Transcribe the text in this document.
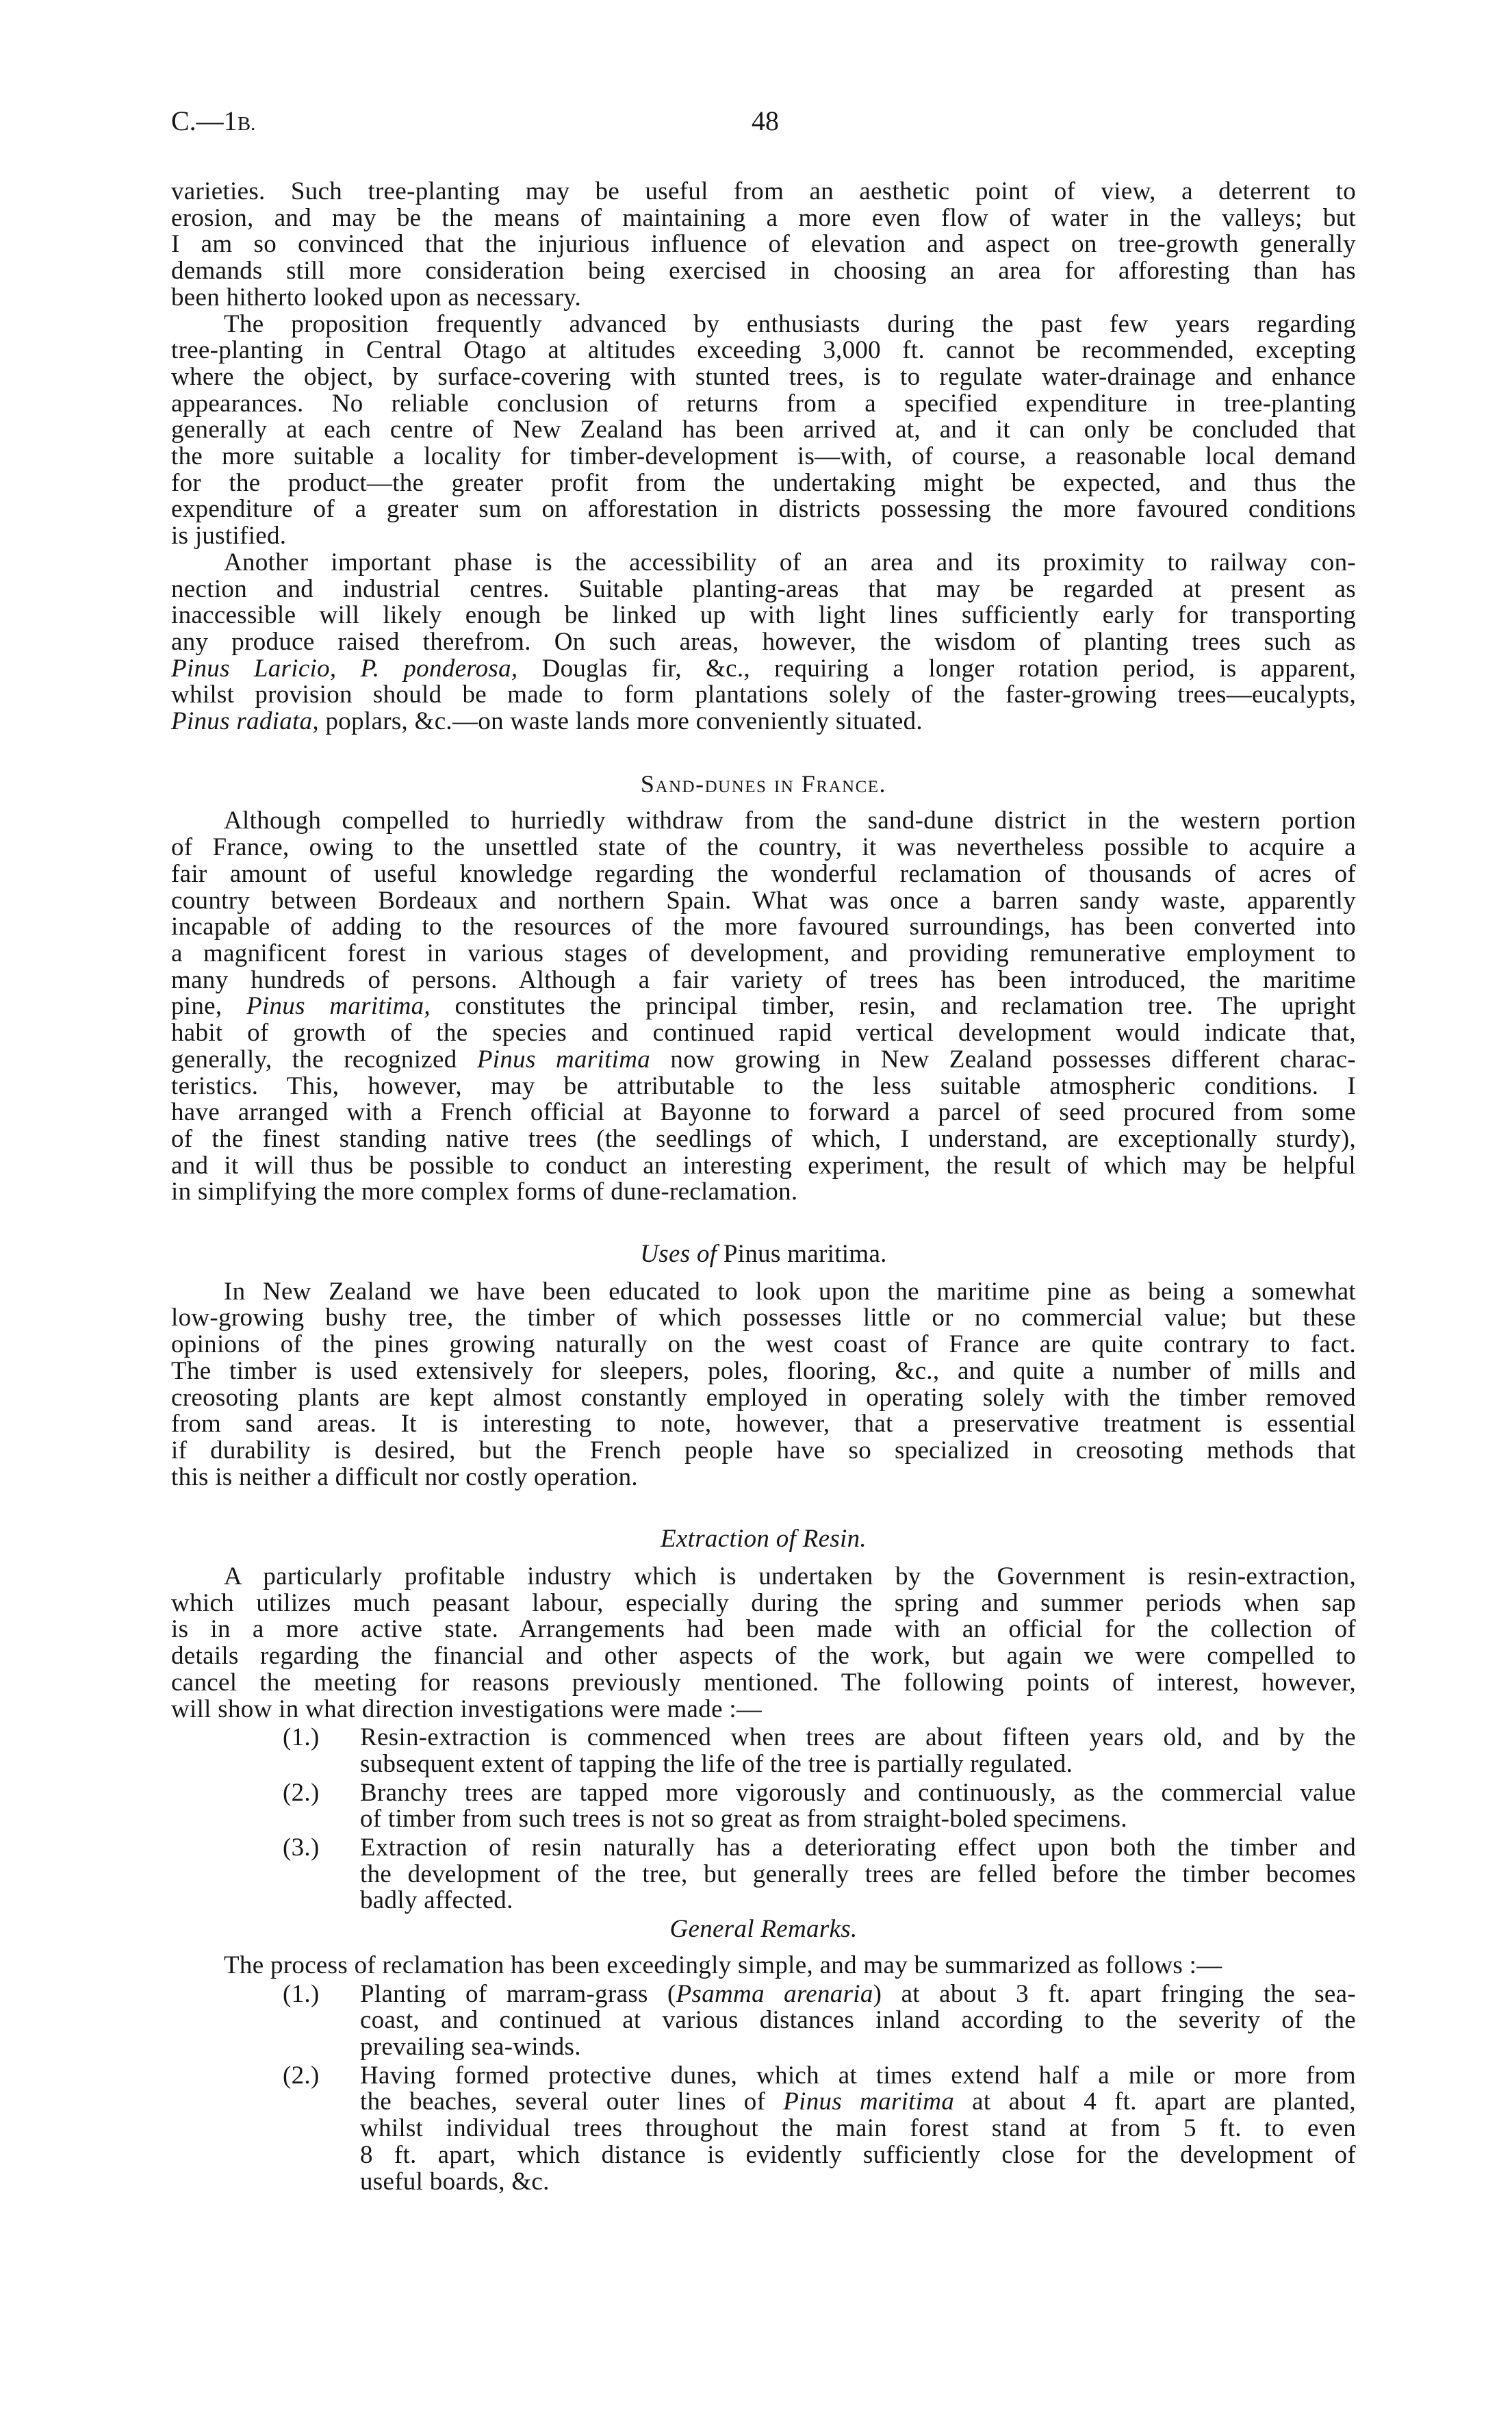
C.—1B.	48
varieties. Such tree-planting may be useful from an aesthetic point of view, a deterrent to
erosion, and may be the means of maintaining a more even flow of water in the valleys; but
I am so convinced that the injurious influence of elevation and aspect on tree-growth generally
demands still more consideration being exercised in choosing an area for afforesting than has
been hitherto looked upon as necessary.
The proposition frequently advanced by enthusiasts during the past few years regarding
tree-planting in Central Otago at altitudes exceeding 3,000 ft. cannot be recommended, excepting
where the object, by surface-covering with stunted trees, is to regulate water-drainage and enhance
appearances. No reliable conclusion of returns from a specified expenditure in tree-planting
generally at each centre of New Zealand has been arrived at, and it can only be concluded that
the more suitable a locality for timber-development is—with, of course, a reasonable local demand
for the product—the greater profit from the undertaking might be expected, and thus the
expenditure of a greater sum on afforestation in districts possessing the more favoured conditions
is justified.
Another important phase is the accessibility of an area and its proximity to railway con-
nection and industrial centres. Suitable planting-areas that may be regarded at present as
inaccessible will likely enough be linked up with light lines sufficiently early for transporting
any produce raised therefrom. On such areas, however, the wisdom of planting trees such as
Pinus Laricio, P. ponderosa, Douglas fir, &c., requiring a longer rotation period, is apparent,
whilst provision should be made to form plantations solely of the faster-growing trees—eucalypts,
Pinus radiata, poplars, &c.—on waste lands more conveniently situated.
Sand-dunes in France.
Although compelled to hurriedly withdraw from the sand-dune district in the western portion
of France, owing to the unsettled state of the country, it was nevertheless possible to acquire a
fair amount of useful knowledge regarding the wonderful reclamation of thousands of acres of
country between Bordeaux and northern Spain. What was once a barren sandy waste, apparently
incapable of adding to the resources of the more favoured surroundings, has been converted into
a magnificent forest in various stages of development, and providing remunerative employment to
many hundreds of persons. Although a fair variety of trees has been introduced, the maritime
pine, Pinus maritima, constitutes the principal timber, resin, and reclamation tree. The upright
habit of growth of the species and continued rapid vertical development would indicate that,
generally, the recognized Pinus maritima now growing in New Zealand possesses different charac-
teristics. This, however, may be attributable to the less suitable atmospheric conditions. I
have arranged with a French official at Bayonne to forward a parcel of seed procured from some
of the finest standing native trees (the seedlings of which, I understand, are exceptionally sturdy),
and it will thus be possible to conduct an interesting experiment, the result of which may be helpful
in simplifying the more complex forms of dune-reclamation.
Uses of Pinus maritima.
In New Zealand we have been educated to look upon the maritime pine as being a somewhat
low-growing bushy tree, the timber of which possesses little or no commercial value; but these
opinions of the pines growing naturally on the west coast of France are quite contrary to fact.
The timber is used extensively for sleepers, poles, flooring, &c., and quite a number of mills and
creosoting plants are kept almost constantly employed in operating solely with the timber removed
from sand areas. It is interesting to note, however, that a preservative treatment is essential
if durability is desired, but the French people have so specialized in creosoting methods that
this is neither a difficult nor costly operation.
Extraction of Resin.
A particularly profitable industry which is undertaken by the Government is resin-extraction,
which utilizes much peasant labour, especially during the spring and summer periods when sap
is in a more active state. Arrangements had been made with an official for the collection of
details regarding the financial and other aspects of the work, but again we were compelled to
cancel the meeting for reasons previously mentioned. The following points of interest, however,
will show in what direction investigations were made :—
(1.) Resin-extraction is commenced when trees are about fifteen years old, and by the
subsequent extent of tapping the life of the tree is partially regulated.
(2.) Branchy trees are tapped more vigorously and continuously, as the commercial value
of timber from such trees is not so great as from straight-boled specimens.
(3.) Extraction of resin naturally has a deteriorating effect upon both the timber and
the development of the tree, but generally trees are felled before the timber becomes
badly affected.
General Remarks.
The process of reclamation has been exceedingly simple, and may be summarized as follows :—
(1.) Planting of marram-grass (Psamma arenaria) at about 3 ft. apart fringing the sea-
coast, and continued at various distances inland according to the severity of the
prevailing sea-winds.
(2.) Having formed protective dunes, which at times extend half a mile or more from
the beaches, several outer lines of Pinus maritima at about 4 ft. apart are planted,
whilst individual trees throughout the main forest stand at from 5 ft. to even
8 ft. apart, which distance is evidently sufficiently close for the development of
useful boards, &c.
